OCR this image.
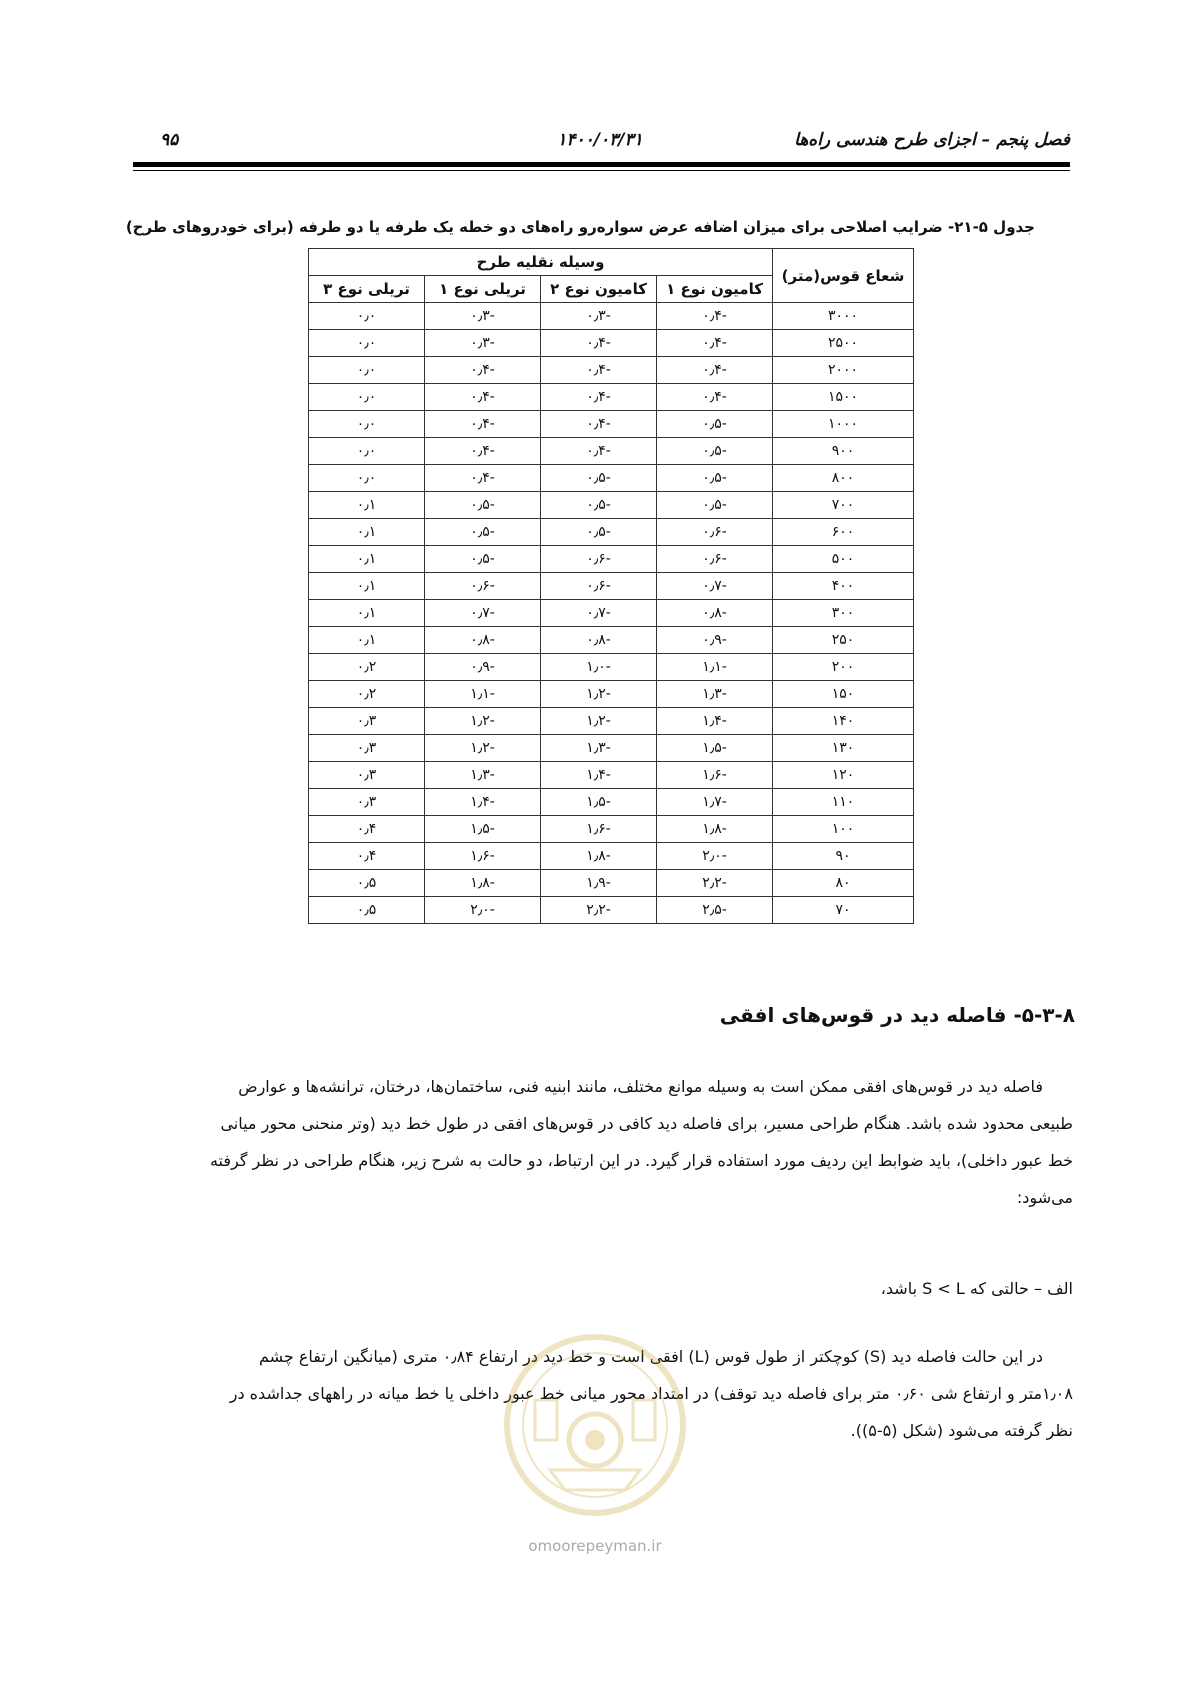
فصل پنجم – اجزای طرح هندسی راه‌ها
۱۴۰۰/۰۳/۳۱
۹۵
جدول ۵-۲۱- ضرایب اصلاحی برای میزان اضافه عرض سواره‌رو راه‌های دو خطه یک طرفه یا دو طرفه (برای خودروهای طرح)
شعاع قوس(متر)	وسیله نقلیه طرح			
	کامیون نوع ۱	کامیون نوع ۲	تریلی نوع ۱	تریلی نوع ۳
۳۰۰۰	-۰٫۴	-۰٫۳	-۰٫۳	۰٫۰
۲۵۰۰	-۰٫۴	-۰٫۴	-۰٫۳	۰٫۰
۲۰۰۰	-۰٫۴	-۰٫۴	-۰٫۴	۰٫۰
۱۵۰۰	-۰٫۴	-۰٫۴	-۰٫۴	۰٫۰
۱۰۰۰	-۰٫۵	-۰٫۴	-۰٫۴	۰٫۰
۹۰۰	-۰٫۵	-۰٫۴	-۰٫۴	۰٫۰
۸۰۰	-۰٫۵	-۰٫۵	-۰٫۴	۰٫۰
۷۰۰	-۰٫۵	-۰٫۵	-۰٫۵	۰٫۱
۶۰۰	-۰٫۶	-۰٫۵	-۰٫۵	۰٫۱
۵۰۰	-۰٫۶	-۰٫۶	-۰٫۵	۰٫۱
۴۰۰	-۰٫۷	-۰٫۶	-۰٫۶	۰٫۱
۳۰۰	-۰٫۸	-۰٫۷	-۰٫۷	۰٫۱
۲۵۰	-۰٫۹	-۰٫۸	-۰٫۸	۰٫۱
۲۰۰	-۱٫۱	-۱٫۰	-۰٫۹	۰٫۲
۱۵۰	-۱٫۳	-۱٫۲	-۱٫۱	۰٫۲
۱۴۰	-۱٫۴	-۱٫۲	-۱٫۲	۰٫۳
۱۳۰	-۱٫۵	-۱٫۳	-۱٫۲	۰٫۳
۱۲۰	-۱٫۶	-۱٫۴	-۱٫۳	۰٫۳
۱۱۰	-۱٫۷	-۱٫۵	-۱٫۴	۰٫۳
۱۰۰	-۱٫۸	-۱٫۶	-۱٫۵	۰٫۴
۹۰	-۲٫۰	-۱٫۸	-۱٫۶	۰٫۴
۸۰	-۲٫۲	-۱٫۹	-۱٫۸	۰٫۵
۷۰	-۲٫۵	-۲٫۲	-۲٫۰	۰٫۵
۵-۳-۸- فاصله دید در قوس‌های افقی
فاصله دید در قوس‌های افقی ممکن است به وسیله موانع مختلف، مانند ابنیه فنی، ساختمان‌ها، درختان، ترانشه‌ها و عوارض
طبیعی محدود شده باشد. هنگام طراحی مسیر، برای فاصله دید کافی در قوس‌های افقی در طول خط دید (وتر منحنی محور میانی
خط عبور داخلی)، باید ضوابط این ردیف مورد استفاده قرار گیرد. در این ارتباط، دو حالت به شرح زیر، هنگام طراحی در نظر گرفته
می‌شود:
الف – حالتی که S < L باشد،
در این حالت فاصله دید (S) کوچکتر از طول قوس (L) افقی است و خط دید در ارتفاع ۰٫۸۴ متری (میانگین ارتفاع چشم
۱٫۰۸متر و ارتفاع شی ۰٫۶۰ متر برای فاصله دید توقف) در امتداد محور میانی خط عبور داخلی یا خط میانه در راههای جداشده در
نظر گرفته می‌شود (شکل (۵-۵)).
omoorepeyman.ir
